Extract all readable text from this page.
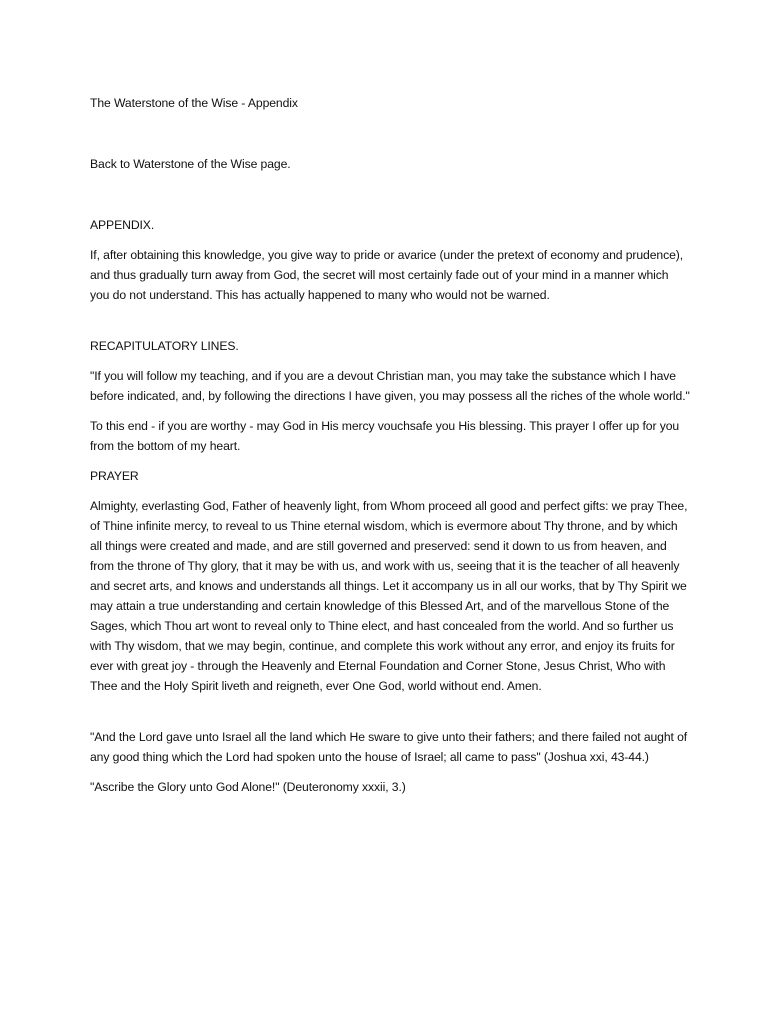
The Waterstone of the Wise - Appendix

Back to Waterstone of the Wise page.

APPENDIX.

If, after obtaining this knowledge, you give way to pride or avarice (under the pretext of economy and prudence), and thus gradually turn away from God, the secret will most certainly fade out of your mind in a manner which you do not understand. This has actually happened to many who would not be warned.

RECAPITULATORY LINES.

"If you will follow my teaching, and if you are a devout Christian man, you may take the substance which I have before indicated, and, by following the directions I have given, you may possess all the riches of the whole world."

To this end - if you are worthy - may God in His mercy vouchsafe you His blessing. This prayer I offer up for you from the bottom of my heart.

PRAYER

Almighty, everlasting God, Father of heavenly light, from Whom proceed all good and perfect gifts: we pray Thee, of Thine infinite mercy, to reveal to us Thine eternal wisdom, which is evermore about Thy throne, and by which all things were created and made, and are still governed and preserved: send it down to us from heaven, and from the throne of Thy glory, that it may be with us, and work with us, seeing that it is the teacher of all heavenly and secret arts, and knows and understands all things. Let it accompany us in all our works, that by Thy Spirit we may attain a true understanding and certain knowledge of this Blessed Art, and of the marvellous Stone of the Sages, which Thou art wont to reveal only to Thine elect, and hast concealed from the world. And so further us with Thy wisdom, that we may begin, continue, and complete this work without any error, and enjoy its fruits for ever with great joy - through the Heavenly and Eternal Foundation and Corner Stone, Jesus Christ, Who with Thee and the Holy Spirit liveth and reigneth, ever One God, world without end. Amen.

"And the Lord gave unto Israel all the land which He sware to give unto their fathers; and there failed not aught of any good thing which the Lord had spoken unto the house of Israel; all came to pass" (Joshua xxi, 43-44.)

"Ascribe the Glory unto God Alone!" (Deuteronomy xxxii, 3.)
